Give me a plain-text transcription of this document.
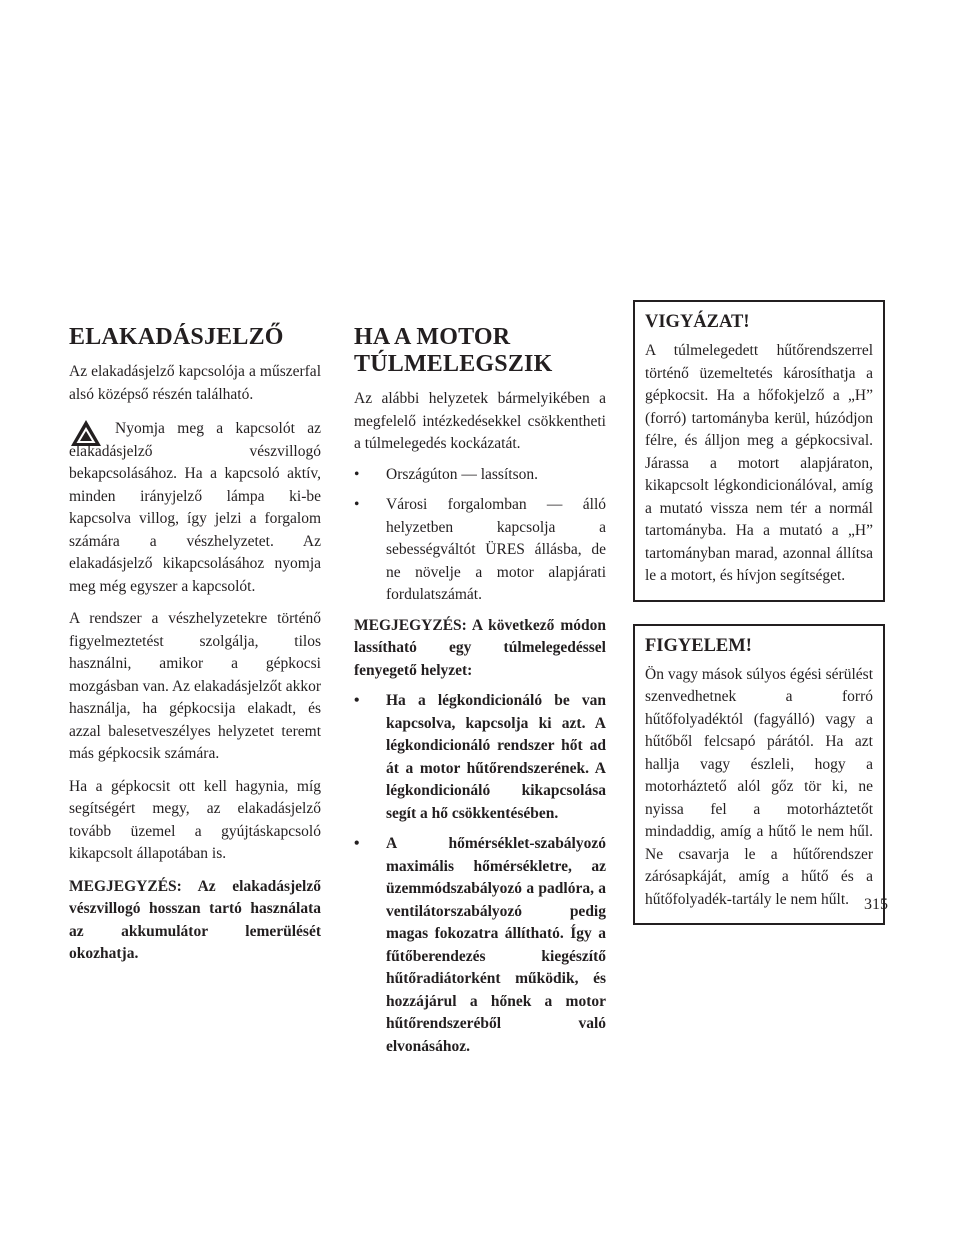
ELAKADÁSJELZŐ

Az elakadásjelző kapcsolója a műszerfal alsó középső részén található.

Nyomja meg a kapcsolót az elakadásjelző vészvillogó bekapcsolásához. Ha a kapcsoló aktív, minden irányjelző lámpa ki-be kapcsolva villog, így jelzi a forgalom számára a vészhelyzetet. Az elakadásjelző kikapcsolásához nyomja meg még egyszer a kapcsolót.

A rendszer a vészhelyzetekre történő figyelmeztetést szolgálja, tilos használni, amikor a gépkocsi mozgásban van. Az elakadásjelzőt akkor használja, ha gépkocsija elakadt, és azzal balesetveszélyes helyzetet teremt más gépkocsik számára.

Ha a gépkocsit ott kell hagynia, míg segítségért megy, az elakadásjelző tovább üzemel a gyújtáskapcsoló kikapcsolt állapotában is.

MEGJEGYZÉS: Az elakadásjelző vészvillogó hosszan tartó használata az akkumulátor lemerülését okozhatja.

HA A MOTOR
TÚLMELEGSZIK

Az alábbi helyzetek bármelyikében a megfelelő intézkedésekkel csökkentheti a túlmelegedés kockázatát.

•	Országúton — lassítson.
•	Városi forgalomban — álló helyzetben kapcsolja a sebességváltót ÜRES állásba, de ne növelje a motor alapjárati fordulatszámát.

MEGJEGYZÉS: A következő módon lassítható egy túlmelegedéssel fenyegető helyzet:

•	Ha a légkondicionáló be van kapcsolva, kapcsolja ki azt. A légkondicionáló rendszer hőt ad át a motor hűtőrendszerének. A légkondicionáló kikapcsolása segít a hő csökkentésében.
•	A hőmérséklet-szabályozó maximális hőmérsékletre, az üzemmódszabályozó a padlóra, a ventilátorszabályozó pedig magas fokozatra állítható. Így a fűtőberendezés kiegészítő hűtőradiátorként működik, és hozzájárul a hőnek a motor hűtőrendszeréből való elvonásához.
VIGYÁZAT!

A túlmelegedett hűtőrendszerrel történő üzemeltetés károsíthatja a gépkocsit. Ha a hőfokjelző a „H” (forró) tartományba kerül, húzódjon félre, és álljon meg a gépkocsival. Járassa a motort alapjáraton, kikapcsolt légkondicionálóval, amíg a mutató vissza nem tér a normál tartományba. Ha a mutató a „H” tartományban marad, azonnal állítsa le a motort, és hívjon segítséget.

FIGYELEM!

Ön vagy mások súlyos égési sérülést szenvedhetnek a forró hűtőfolyadéktól (fagyálló) vagy a hűtőből felcsapó párától. Ha azt hallja vagy észleli, hogy a motorháztető alól gőz tör ki, ne nyissa fel a motorháztetőt mindaddig, amíg a hűtő le nem hűl. Ne csavarja le a hűtőrendszer zárósapkáját, amíg a hűtő és a hűtőfolyadék-tartály le nem hűlt. 315
